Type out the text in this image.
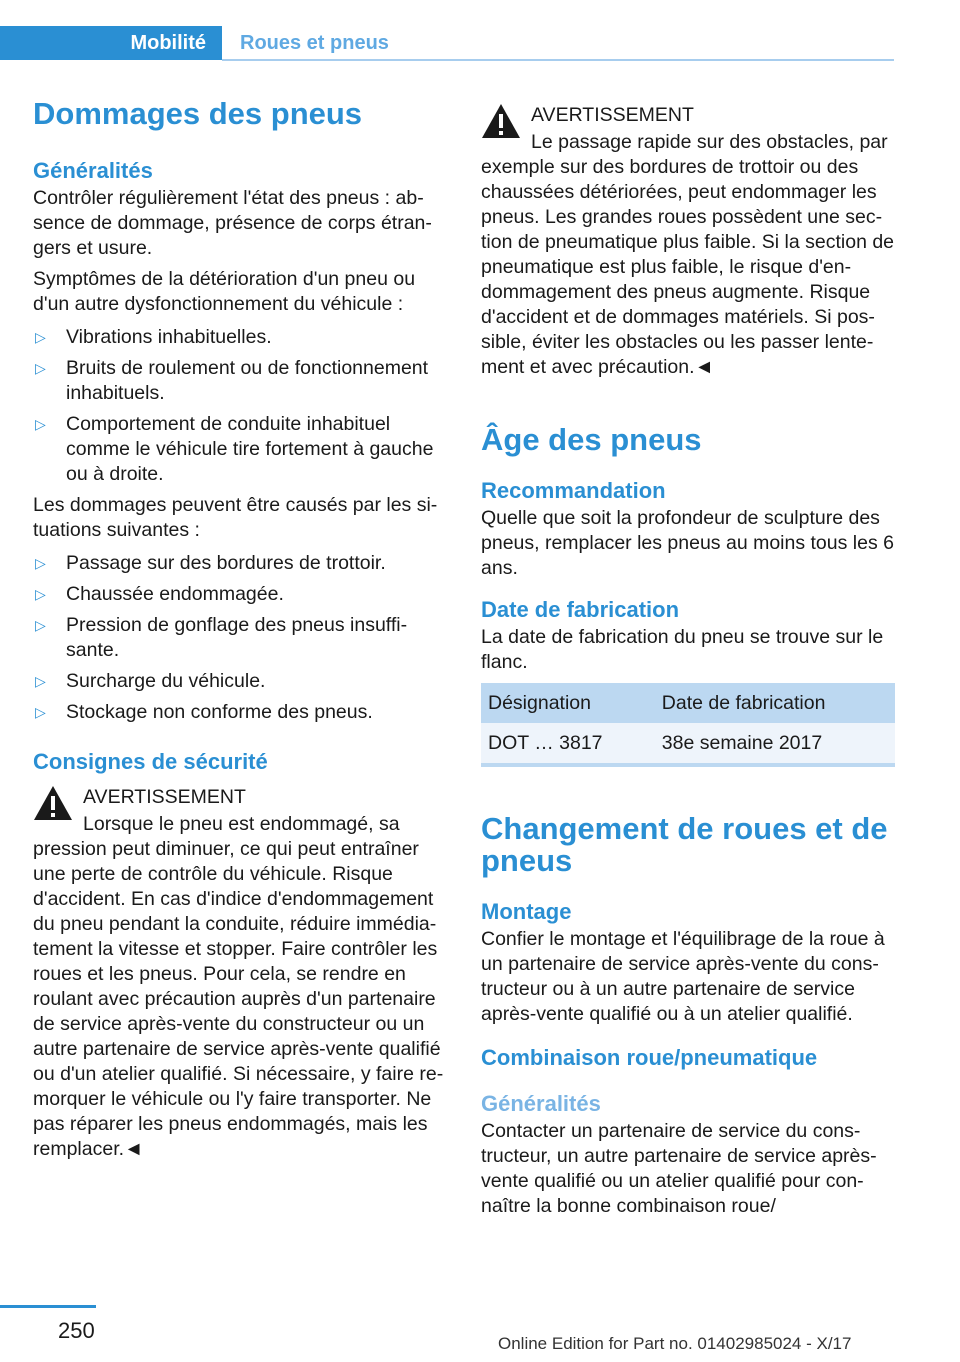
Mobilité	Roues et pneus
Dommages des pneus
Généralités

Contrôler régulièrement l'état des pneus : ab-sence de dommage, présence de corps étran-gers et usure.

Symptômes de la détérioration d'un pneu ou d'un autre dysfonctionnement du véhicule :

▷ Vibrations inhabituelles.
▷ Bruits de roulement ou de fonctionnement inhabituels.
▷ Comportement de conduite inhabituel comme le véhicule tire fortement à gauche ou à droite.

Les dommages peuvent être causés par les si-tuations suivantes :

▷ Passage sur des bordures de trottoir.
▷ Chaussée endommagée.
▷ Pression de gonflage des pneus insuffi-sante.
▷ Surcharge du véhicule.
▷ Stockage non conforme des pneus.
Consignes de sécurité

AVERTISSEMENT

Lorsque le pneu est endommagé, sa

pression peut diminuer, ce qui peut entraîner une perte de contrôle du véhicule. Risque d'accident. En cas d'indice d'endommagement du pneu pendant la conduite, réduire immédia-tement la vitesse et stopper. Faire contrôler les roues et les pneus. Pour cela, se rendre en roulant avec précaution auprès d'un partenaire de service après-vente du constructeur ou un autre partenaire de service après-vente qualifié ou d'un atelier qualifié. Si nécessaire, y faire re-morquer le véhicule ou l'y faire transporter. Ne pas réparer les pneus endommagés, mais les remplacer.◄

AVERTISSEMENT

Le passage rapide sur des obstacles, par

exemple sur des bordures de trottoir ou des chaussées détériorées, peut endommager les pneus. Les grandes roues possèdent une sec-tion de pneumatique plus faible. Si la section de pneumatique est plus faible, le risque d'en-dommagement des pneus augmente. Risque d'accident et de dommages matériels. Si pos-sible, éviter les obstacles ou les passer lente-ment et avec précaution.◄

Âge des pneus
Recommandation

Quelle que soit la profondeur de sculpture des pneus, remplacer les pneus au moins tous les 6 ans.

Date de fabrication

La date de fabrication du pneu se trouve sur le flanc.

Désignation	Date de fabrication
DOT … 3817	38e semaine 2017
Changement de roues et de pneus
Montage

Confier le montage et l'équilibrage de la roue à un partenaire de service après-vente du cons-tructeur ou à un autre partenaire de service après-vente qualifié ou à un atelier qualifié.

Combinaison roue/pneumatique
Généralités

Contacter un partenaire de service du cons-tructeur, un autre partenaire de service après-vente qualifié ou un atelier qualifié pour con-naître la bonne combinaison roue/

250
Online Edition for Part no. 01402985024 - X/17
